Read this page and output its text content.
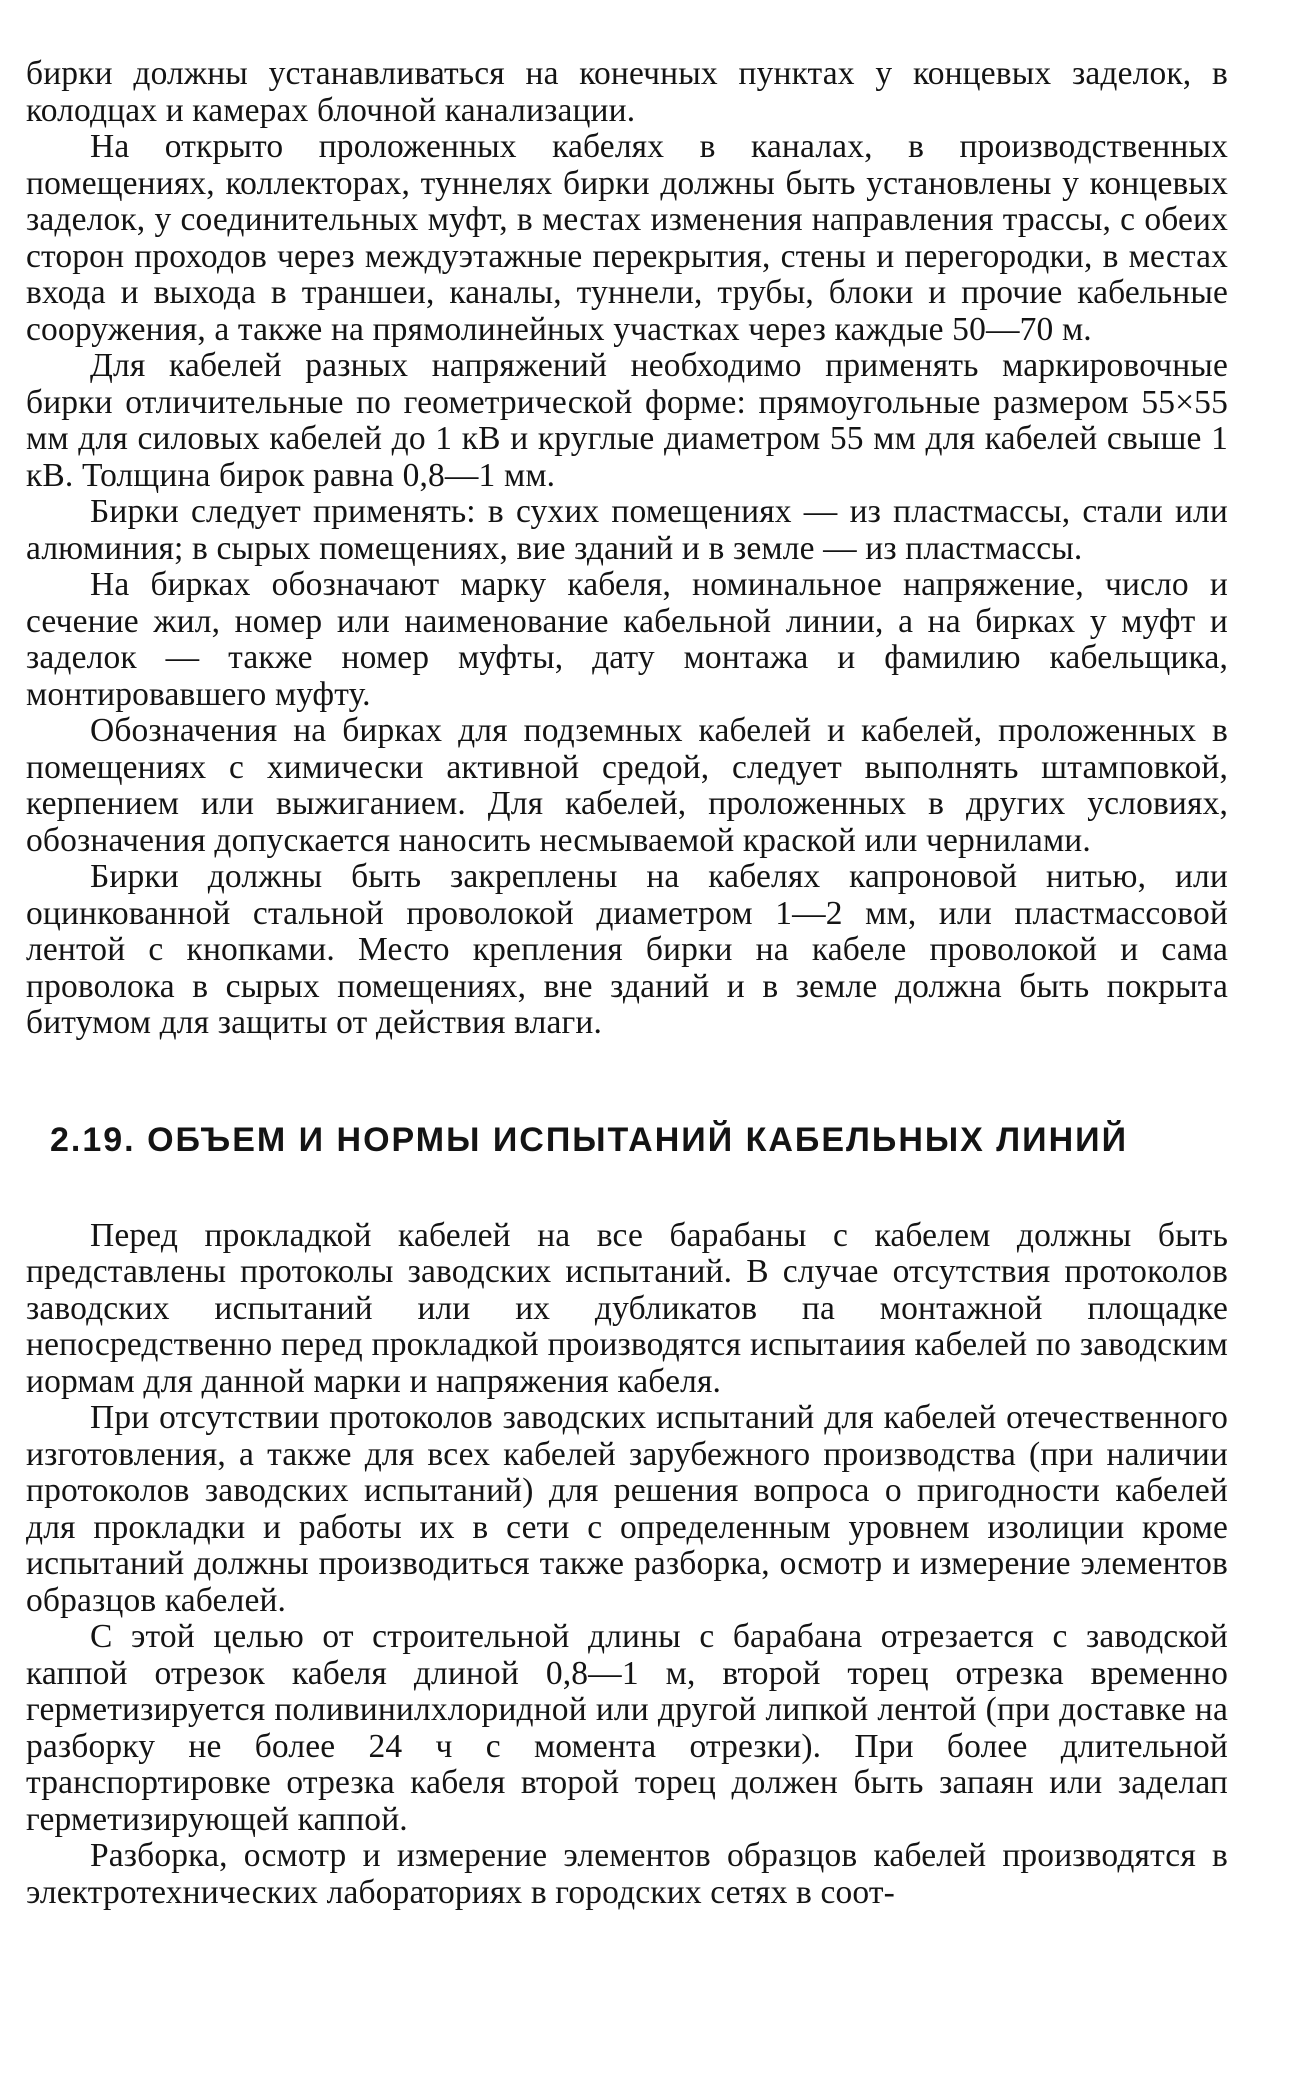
бирки должны устанавливаться на конечных пунктах у концевых заделок, в колодцах и камерах блочной канализации.

На открыто проложенных кабелях в каналах, в производственных помещениях, коллекторах, туннелях бирки должны быть установлены у концевых заделок, у соединительных муфт, в местах изменения направления трассы, с обеих сторон проходов через междуэтажные перекрытия, стены и перегородки, в местах входа и выхода в траншеи, каналы, туннели, трубы, блоки и прочие кабельные сооружения, а также на прямолинейных участках через каждые 50—70 м.

Для кабелей разных напряжений необходимо применять маркировочные бирки отличительные по геометрической форме: прямоугольные размером 55×55 мм для силовых кабелей до 1 кВ и круглые диаметром 55 мм для кабелей свыше 1 кВ. Толщина бирок равна 0,8—1 мм.

Бирки следует применять: в сухих помещениях — из пластмассы, стали или алюминия; в сырых помещениях, вие зданий и в земле — из пластмассы.

На бирках обозначают марку кабеля, номинальное напряжение, число и сечение жил, номер или наименование кабельной линии, а на бирках у муфт и заделок — также номер муфты, дату монтажа и фамилию кабельщика, монтировавшего муфту.

Обозначения на бирках для подземных кабелей и кабелей, проложенных в помещениях с химически активной средой, следует выполнять штамповкой, керпением или выжиганием. Для кабелей, проложенных в других условиях, обозначения допускается наносить несмываемой краской или чернилами.

Бирки должны быть закреплены на кабелях капроновой нитью, или оцинкованной стальной проволокой диаметром 1—2 мм, или пластмассовой лентой с кнопками. Место крепления бирки на кабеле проволокой и сама проволока в сырых помещениях, вне зданий и в земле должна быть покрыта битумом для защиты от действия влаги.

2.19. ОБЪЕМ И НОРМЫ ИСПЫТАНИЙ КАБЕЛЬНЫХ ЛИНИЙ

Перед прокладкой кабелей на все барабаны с кабелем должны быть представлены протоколы заводских испытаний. В случае отсутствия протоколов заводских испытаний или их дубликатов па монтажной площадке непосредственно перед прокладкой производятся испытаиия кабелей по заводским иормам для данной марки и напряжения кабеля.

При отсутствии протоколов заводских испытаний для кабелей отечественного изготовления, а также для всех кабелей зарубежного производства (при наличии протоколов заводских испытаний) для решения вопроса о пригодности кабелей для прокладки и работы их в сети с определенным уровнем изолиции кроме испытаний должны производиться также разборка, осмотр и измерение элементов образцов кабелей.

С этой целью от строительной длины с барабана отрезается с заводской каппой отрезок кабеля длиной 0,8—1 м, второй торец отрезка временно герметизируется поливинилхлоридной или другой липкой лентой (при доставке на разборку не более 24 ч с момента отрезки). При более длительной транспортировке отрезка кабеля второй торец должен быть запаян или заделап герметизирующей каппой.

Разборка, осмотр и измерение элементов образцов кабелей производятся в электротехнических лабораториях в городских сетях в соот-
